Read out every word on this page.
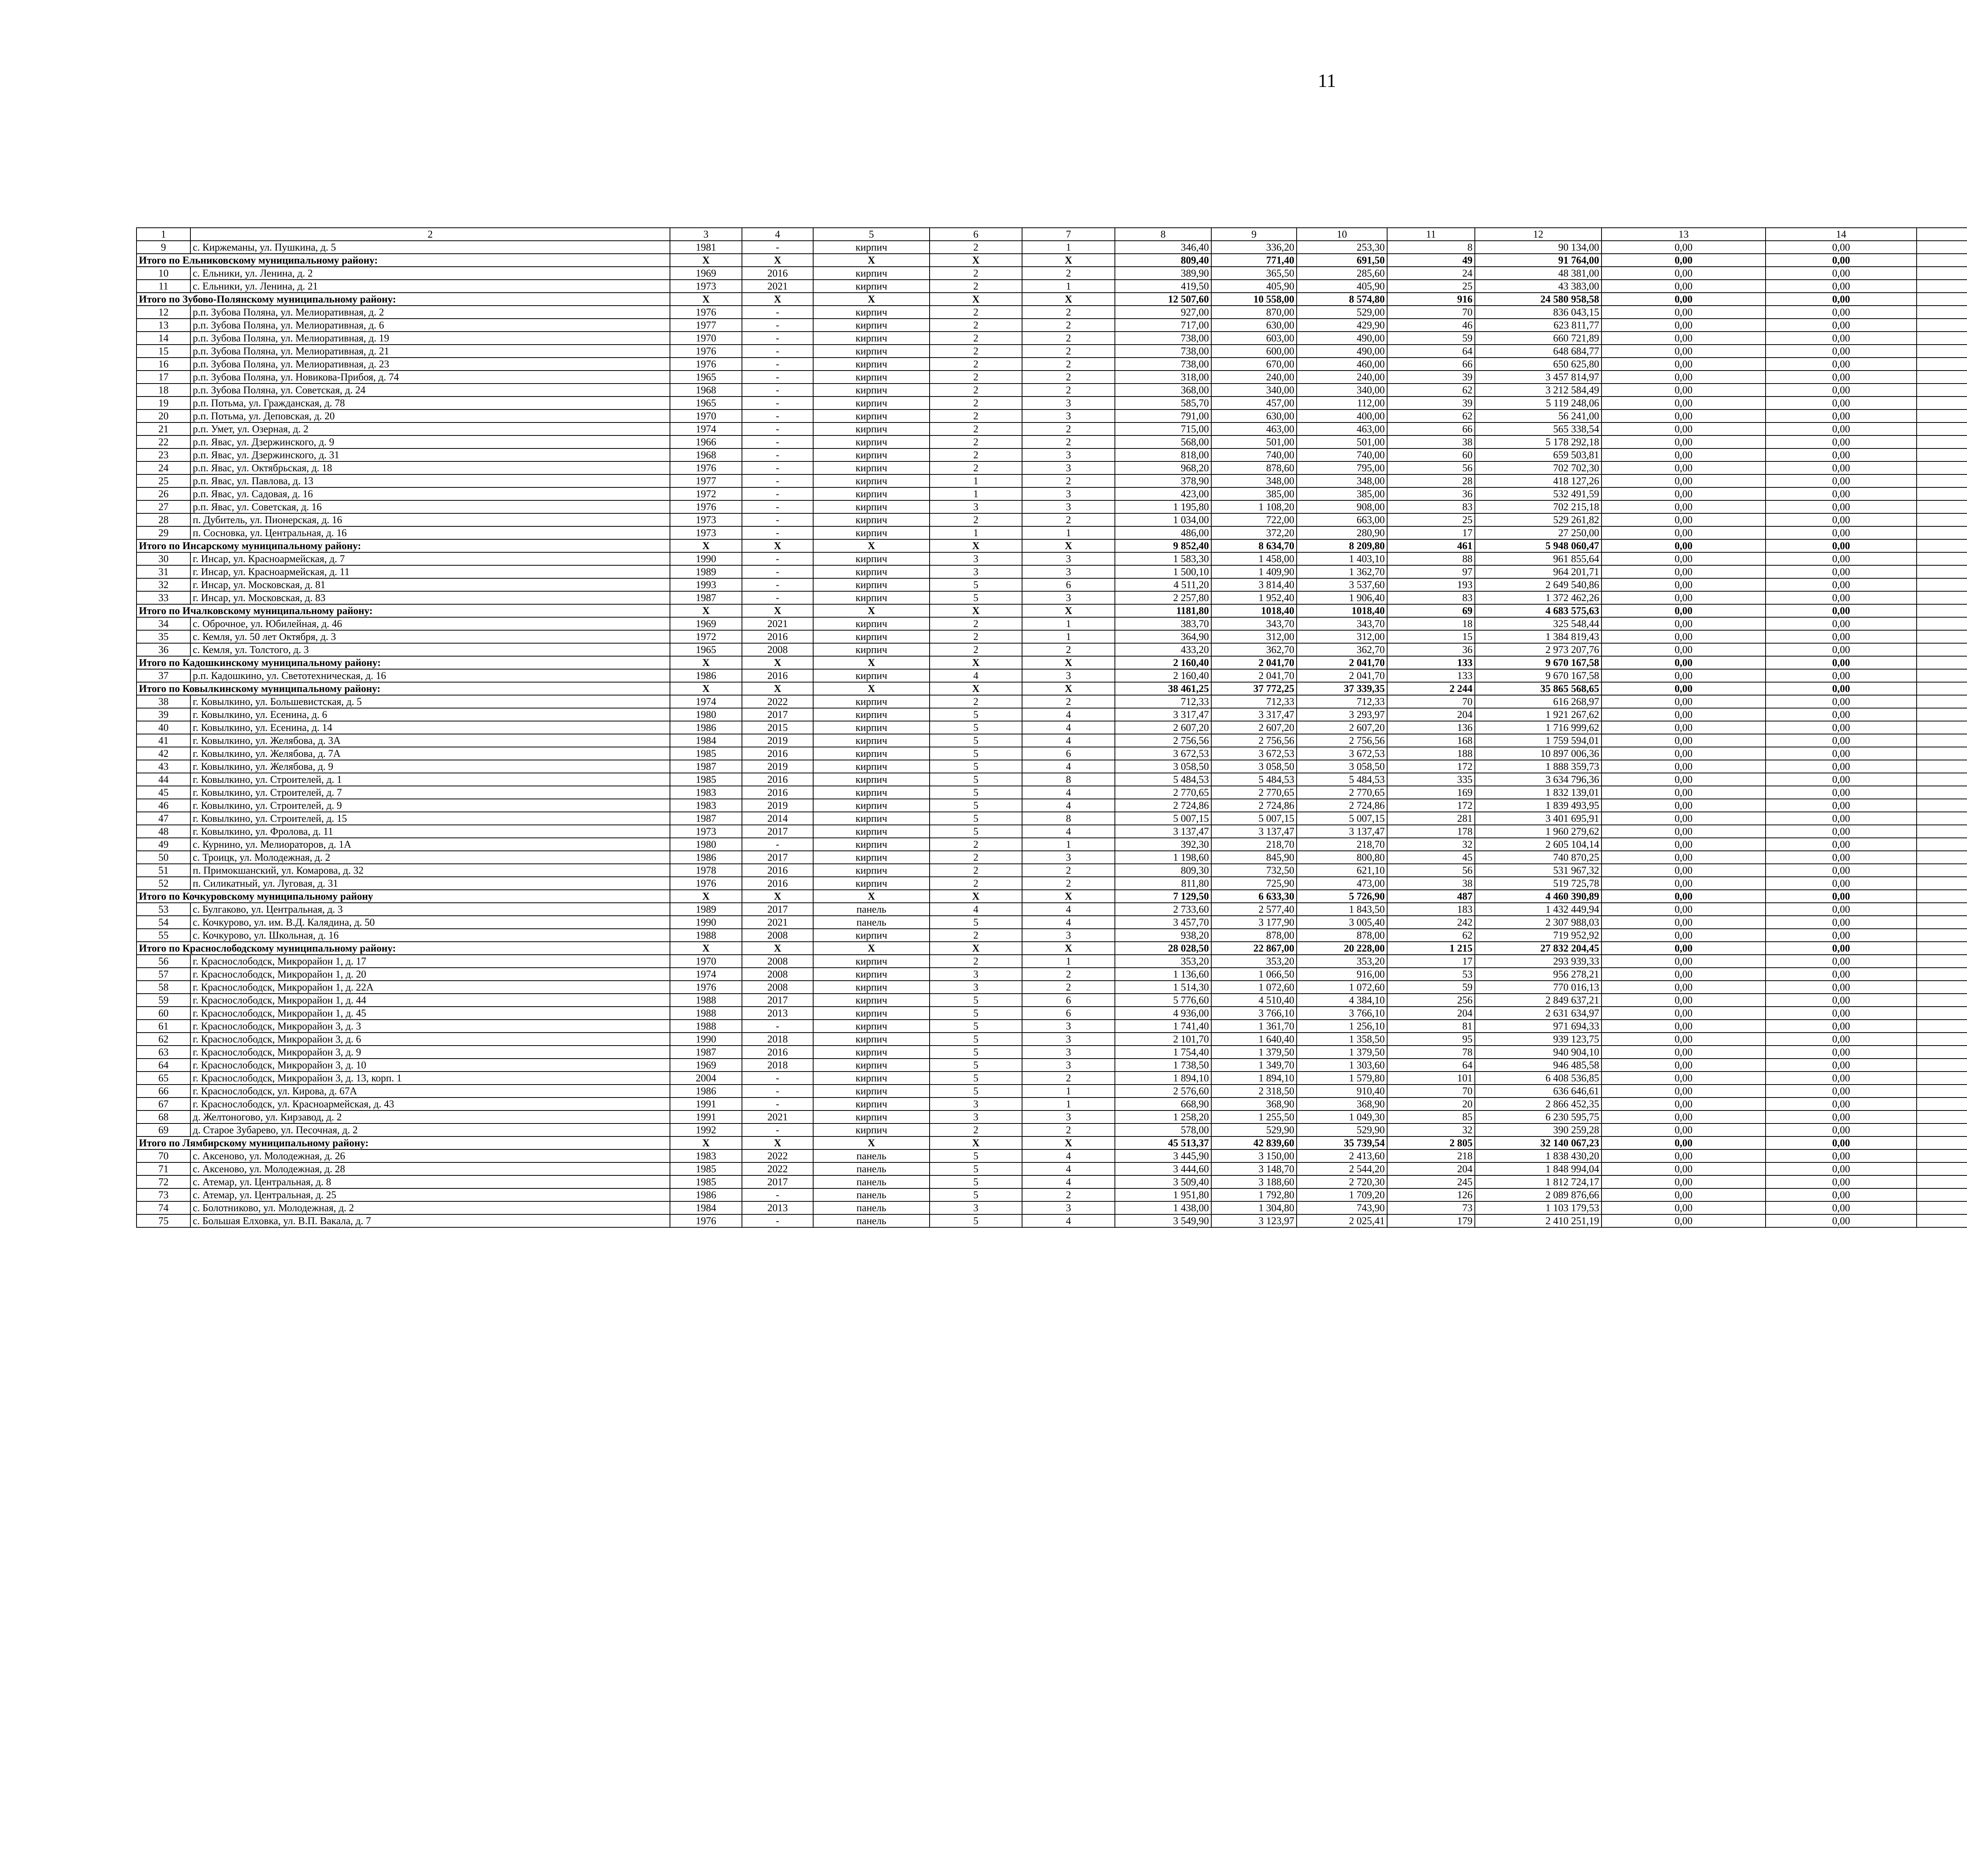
11
1	2	3	4	5	6	7	8	9	10	11	12	13	14					
9	с. Киржеманы, ул. Пушкина, д. 5	1981	-	кирпич	2	1	346,40	336,20	253,30	8	90 134,00	0,00	0,00					
Итого по Ельниковскому муниципальному району:		X	X	X	X	X	809,40	771,40	691,50	49	91 764,00	0,00	0,00					
10	с. Ельники, ул. Ленина, д. 2	1969	2016	кирпич	2	2	389,90	365,50	285,60	24	48 381,00	0,00	0,00					
11	с. Ельники, ул. Ленина, д. 21	1973	2021	кирпич	2	1	419,50	405,90	405,90	25	43 383,00	0,00	0,00					
Итого по Зубово-Полянскому муниципальному району:		X	X	X	X	X	12 507,60	10 558,00	8 574,80	916	24 580 958,58	0,00	0,00					
12	р.п. Зубова Поляна, ул. Мелиоративная, д. 2	1976	-	кирпич	2	2	927,00	870,00	529,00	70	836 043,15	0,00	0,00					
13	р.п. Зубова Поляна, ул. Мелиоративная, д. 6	1977	-	кирпич	2	2	717,00	630,00	429,90	46	623 811,77	0,00	0,00					
14	р.п. Зубова Поляна, ул. Мелиоративная, д. 19	1970	-	кирпич	2	2	738,00	603,00	490,00	59	660 721,89	0,00	0,00					
15	р.п. Зубова Поляна, ул. Мелиоративная, д. 21	1976	-	кирпич	2	2	738,00	600,00	490,00	64	648 684,77	0,00	0,00					
16	р.п. Зубова Поляна, ул. Мелиоративная, д. 23	1976	-	кирпич	2	2	738,00	670,00	460,00	66	650 625,80	0,00	0,00					
17	р.п. Зубова Поляна, ул. Новикова-Прибоя, д. 74	1965	-	кирпич	2	2	318,00	240,00	240,00	39	3 457 814,97	0,00	0,00					
18	р.п. Зубова Поляна, ул. Советская, д. 24	1968	-	кирпич	2	2	368,00	340,00	340,00	62	3 212 584,49	0,00	0,00					
19	р.п. Потьма, ул. Гражданская, д. 78	1965	-	кирпич	2	3	585,70	457,00	112,00	39	5 119 248,06	0,00	0,00					
20	р.п. Потьма, ул. Деповская, д. 20	1970	-	кирпич	2	3	791,00	630,00	400,00	62	56 241,00	0,00	0,00					
21	р.п. Умет, ул. Озерная, д. 2	1974	-	кирпич	2	2	715,00	463,00	463,00	66	565 338,54	0,00	0,00					
22	р.п. Явас, ул. Дзержинского, д. 9	1966	-	кирпич	2	2	568,00	501,00	501,00	38	5 178 292,18	0,00	0,00					
23	р.п. Явас, ул. Дзержинского, д. 31	1968	-	кирпич	2	3	818,00	740,00	740,00	60	659 503,81	0,00	0,00					
24	р.п. Явас, ул. Октябрьская, д. 18	1976	-	кирпич	2	3	968,20	878,60	795,00	56	702 702,30	0,00	0,00					
25	р.п. Явас, ул. Павлова, д. 13	1977	-	кирпич	1	2	378,90	348,00	348,00	28	418 127,26	0,00	0,00					
26	р.п. Явас, ул. Садовая, д. 16	1972	-	кирпич	1	3	423,00	385,00	385,00	36	532 491,59	0,00	0,00					
27	р.п. Явас, ул. Советская, д. 16	1976	-	кирпич	3	3	1 195,80	1 108,20	908,00	83	702 215,18	0,00	0,00					
28	п. Дубитель, ул. Пионерская, д. 16	1973	-	кирпич	2	2	1 034,00	722,00	663,00	25	529 261,82	0,00	0,00					
29	п. Сосновка, ул. Центральная, д. 16	1973	-	кирпич	1	1	486,00	372,20	280,90	17	27 250,00	0,00	0,00					
Итого по Инсарскому муниципальному району:		X	X	X	X	X	9 852,40	8 634,70	8 209,80	461	5 948 060,47	0,00	0,00					
30	г. Инсар, ул. Красноармейская, д. 7	1990	-	кирпич	3	3	1 583,30	1 458,00	1 403,10	88	961 855,64	0,00	0,00					
31	г. Инсар, ул. Красноармейская, д. 11	1989	-	кирпич	3	3	1 500,10	1 409,90	1 362,70	97	964 201,71	0,00	0,00					
32	г. Инсар, ул. Московская, д. 81	1993	-	кирпич	5	6	4 511,20	3 814,40	3 537,60	193	2 649 540,86	0,00	0,00					
33	г. Инсар, ул. Московская, д. 83	1987	-	кирпич	5	3	2 257,80	1 952,40	1 906,40	83	1 372 462,26	0,00	0,00					
Итого по Ичалковскому муниципальному району:		X	X	X	X	X	1181,80	1018,40	1018,40	69	4 683 575,63	0,00	0,00					
34	с. Оброчное, ул. Юбилейная, д. 46	1969	2021	кирпич	2	1	383,70	343,70	343,70	18	325 548,44	0,00	0,00					
35	с. Кемля, ул. 50 лет Октября, д. 3	1972	2016	кирпич	2	1	364,90	312,00	312,00	15	1 384 819,43	0,00	0,00					
36	с. Кемля, ул. Толстого, д. 3	1965	2008	кирпич	2	2	433,20	362,70	362,70	36	2 973 207,76	0,00	0,00					
Итого по Кадошкинскому муниципальному району:		X	X	X	X	X	2 160,40	2 041,70	2 041,70	133	9 670 167,58	0,00	0,00					
37	р.п. Кадошкино, ул. Светотехническая, д. 16	1986	2016	кирпич	4	3	2 160,40	2 041,70	2 041,70	133	9 670 167,58	0,00	0,00					
Итого по Ковылкинскому муниципальному району:		X	X	X	X	X	38 461,25	37 772,25	37 339,35	2 244	35 865 568,65	0,00	0,00					
38	г. Ковылкино, ул. Большевистская, д. 5	1974	2022	кирпич	2	2	712,33	712,33	712,33	70	616 268,97	0,00	0,00					
39	г. Ковылкино, ул. Есенина, д. 6	1980	2017	кирпич	5	4	3 317,47	3 317,47	3 293,97	204	1 921 267,62	0,00	0,00					
40	г. Ковылкино, ул. Есенина, д. 14	1986	2015	кирпич	5	4	2 607,20	2 607,20	2 607,20	136	1 716 999,62	0,00	0,00					
41	г. Ковылкино, ул. Желябова, д. 3А	1984	2019	кирпич	5	4	2 756,56	2 756,56	2 756,56	168	1 759 594,01	0,00	0,00					
42	г. Ковылкино, ул. Желябова, д. 7А	1985	2016	кирпич	5	6	3 672,53	3 672,53	3 672,53	188	10 897 006,36	0,00	0,00					
43	г. Ковылкино, ул. Желябова, д. 9	1987	2019	кирпич	5	4	3 058,50	3 058,50	3 058,50	172	1 888 359,73	0,00	0,00					
44	г. Ковылкино, ул. Строителей, д. 1	1985	2016	кирпич	5	8	5 484,53	5 484,53	5 484,53	335	3 634 796,36	0,00	0,00					
45	г. Ковылкино, ул. Строителей, д. 7	1983	2016	кирпич	5	4	2 770,65	2 770,65	2 770,65	169	1 832 139,01	0,00	0,00					
46	г. Ковылкино, ул. Строителей, д. 9	1983	2019	кирпич	5	4	2 724,86	2 724,86	2 724,86	172	1 839 493,95	0,00	0,00					
47	г. Ковылкино, ул. Строителей, д. 15	1987	2014	кирпич	5	8	5 007,15	5 007,15	5 007,15	281	3 401 695,91	0,00	0,00					
48	г. Ковылкино, ул. Фролова, д. 11	1973	2017	кирпич	5	4	3 137,47	3 137,47	3 137,47	178	1 960 279,62	0,00	0,00					
49	с. Курнино, ул. Мелиораторов, д. 1А	1980	-	кирпич	2	1	392,30	218,70	218,70	32	2 605 104,14	0,00	0,00					
50	с. Троицк, ул. Молодежная, д. 2	1986	2017	кирпич	2	3	1 198,60	845,90	800,80	45	740 870,25	0,00	0,00					
51	п. Примокшанский, ул. Комарова, д. 32	1978	2016	кирпич	2	2	809,30	732,50	621,10	56	531 967,32	0,00	0,00					
52	п. Силикатный, ул. Луговая, д. 31	1976	2016	кирпич	2	2	811,80	725,90	473,00	38	519 725,78	0,00	0,00					
Итого по Кочкуровскому муниципальному району		X	X	X	X	X	7 129,50	6 633,30	5 726,90	487	4 460 390,89	0,00	0,00					
53	с. Булгаково, ул. Центральная, д. 3	1989	2017	панель	4	4	2 733,60	2 577,40	1 843,50	183	1 432 449,94	0,00	0,00					
54	с. Кочкурово, ул. им. В.Д. Калядина, д. 50	1990	2021	панель	5	4	3 457,70	3 177,90	3 005,40	242	2 307 988,03	0,00	0,00					
55	с. Кочкурово, ул. Школьная, д. 16	1988	2008	кирпич	2	3	938,20	878,00	878,00	62	719 952,92	0,00	0,00					
Итого по Краснослободскому муниципальному району:		X	X	X	X	X	28 028,50	22 867,00	20 228,00	1 215	27 832 204,45	0,00	0,00					
56	г. Краснослободск, Микрорайон 1, д. 17	1970	2008	кирпич	2	1	353,20	353,20	353,20	17	293 939,33	0,00	0,00					
57	г. Краснослободск, Микрорайон 1, д. 20	1974	2008	кирпич	3	2	1 136,60	1 066,50	916,00	53	956 278,21	0,00	0,00					
58	г. Краснослободск, Микрорайон 1, д. 22А	1976	2008	кирпич	3	2	1 514,30	1 072,60	1 072,60	59	770 016,13	0,00	0,00					
59	г. Краснослободск, Микрорайон 1, д. 44	1988	2017	кирпич	5	6	5 776,60	4 510,40	4 384,10	256	2 849 637,21	0,00	0,00					
60	г. Краснослободск, Микрорайон 1, д. 45	1988	2013	кирпич	5	6	4 936,00	3 766,10	3 766,10	204	2 631 634,97	0,00	0,00					
61	г. Краснослободск, Микрорайон 3, д. 3	1988	-	кирпич	5	3	1 741,40	1 361,70	1 256,10	81	971 694,33	0,00	0,00					
62	г. Краснослободск, Микрорайон 3, д. 6	1990	2018	кирпич	5	3	2 101,70	1 640,40	1 358,50	95	939 123,75	0,00	0,00					
63	г. Краснослободск, Микрорайон 3, д. 9	1987	2016	кирпич	5	3	1 754,40	1 379,50	1 379,50	78	940 904,10	0,00	0,00					
64	г. Краснослободск, Микрорайон 3, д. 10	1969	2018	кирпич	5	3	1 738,50	1 349,70	1 303,60	64	946 485,58	0,00	0,00					
65	г. Краснослободск, Микрорайон 3, д. 13, корп. 1	2004	-	кирпич	5	2	1 894,10	1 894,10	1 579,80	101	6 408 536,85	0,00	0,00					
66	г. Краснослободск, ул. Кирова, д. 67А	1986	-	кирпич	5	1	2 576,60	2 318,50	910,40	70	636 646,61	0,00	0,00					
67	г. Краснослободск, ул. Красноармейская, д. 43	1991	-	кирпич	3	1	668,90	368,90	368,90	20	2 866 452,35	0,00	0,00					
68	д. Желтоногово, ул. Кирзавод, д. 2	1991	2021	кирпич	3	3	1 258,20	1 255,50	1 049,30	85	6 230 595,75	0,00	0,00					
69	д. Старое Зубарево, ул. Песочная, д. 2	1992	-	кирпич	2	2	578,00	529,90	529,90	32	390 259,28	0,00	0,00					
Итого по Лямбирскому муниципальному району:		X	X	X	X	X	45 513,37	42 839,60	35 739,54	2 805	32 140 067,23	0,00	0,00					
70	с. Аксеново, ул. Молодежная, д. 26	1983	2022	панель	5	4	3 445,90	3 150,00	2 413,60	218	1 838 430,20	0,00	0,00					
71	с. Аксеново, ул. Молодежная, д. 28	1985	2022	панель	5	4	3 444,60	3 148,70	2 544,20	204	1 848 994,04	0,00	0,00					
72	с. Атемар, ул. Центральная, д. 8	1985	2017	панель	5	4	3 509,40	3 188,60	2 720,30	245	1 812 724,17	0,00	0,00					
73	с. Атемар, ул. Центральная, д. 25	1986	-	панель	5	2	1 951,80	1 792,80	1 709,20	126	2 089 876,66	0,00	0,00					
74	с. Болотниково, ул. Молодежная, д. 2	1984	2013	панель	3	3	1 438,00	1 304,80	743,90	73	1 103 179,53	0,00	0,00					
75	с. Большая Елховка, ул. В.П. Вакала, д. 7	1976	-	панель	5	4	3 549,90	3 123,97	2 025,41	179	2 410 251,19	0,00	0,00					
